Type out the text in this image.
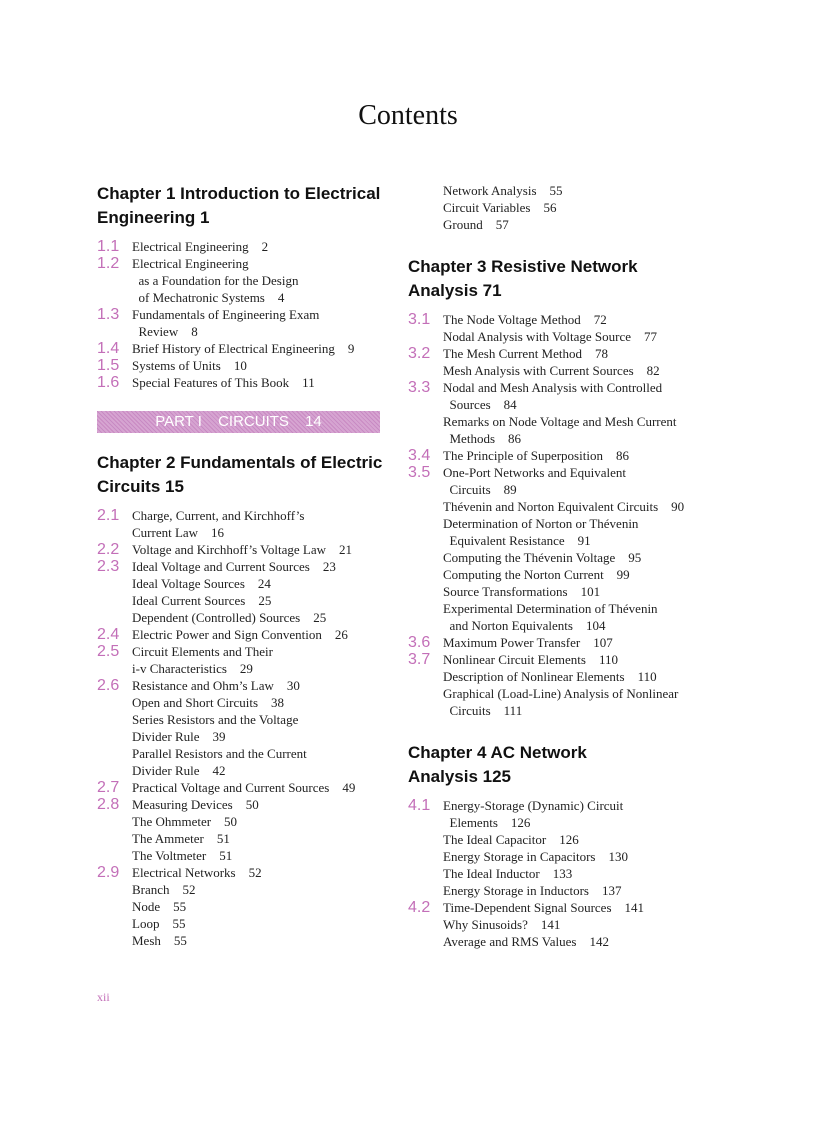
Contents
Chapter 1 Introduction to Electrical
Engineering 1
1.1 Electrical Engineering    2
1.2 Electrical Engineering
as a Foundation for the Design
of Mechatronic Systems    4
1.3 Fundamentals of Engineering Exam
Review    8
1.4 Brief History of Electrical Engineering    9
1.5 Systems of Units    10
1.6 Special Features of This Book    11
PART I CIRCUITS 14
Chapter 2 Fundamentals of Electric
Circuits 15
2.1 Charge, Current, and Kirchhoff’s
Current Law    16
2.2 Voltage and Kirchhoff’s Voltage Law    21
2.3 Ideal Voltage and Current Sources    23
Ideal Voltage Sources    24
Ideal Current Sources    25
Dependent (Controlled) Sources    25
2.4 Electric Power and Sign Convention    26
2.5 Circuit Elements and Their
i-v Characteristics    29
2.6 Resistance and Ohm’s Law    30
Open and Short Circuits    38
Series Resistors and the Voltage
Divider Rule    39
Parallel Resistors and the Current
Divider Rule    42
2.7 Practical Voltage and Current Sources    49
2.8 Measuring Devices    50
The Ohmmeter    50
The Ammeter    51
The Voltmeter    51
2.9 Electrical Networks    52
Branch    52
Node    55
Loop    55
Mesh    55
Network Analysis    55
Circuit Variables    56
Ground    57
Chapter 3 Resistive Network
Analysis 71
3.1 The Node Voltage Method    72
Nodal Analysis with Voltage Source    77
3.2 The Mesh Current Method    78
Mesh Analysis with Current Sources    82
3.3 Nodal and Mesh Analysis with Controlled
Sources    84
Remarks on Node Voltage and Mesh Current
Methods    86
3.4 The Principle of Superposition    86
3.5 One-Port Networks and Equivalent
Circuits    89
Thévenin and Norton Equivalent Circuits    90
Determination of Norton or Thévenin
Equivalent Resistance    91
Computing the Thévenin Voltage    95
Computing the Norton Current    99
Source Transformations    101
Experimental Determination of Thévenin
and Norton Equivalents    104
3.6 Maximum Power Transfer    107
3.7 Nonlinear Circuit Elements    110
Description of Nonlinear Elements    110
Graphical (Load-Line) Analysis of Nonlinear
Circuits    111
Chapter 4 AC Network
Analysis 125
4.1 Energy-Storage (Dynamic) Circuit
Elements    126
The Ideal Capacitor    126
Energy Storage in Capacitors    130
The Ideal Inductor    133
Energy Storage in Inductors    137
4.2 Time-Dependent Signal Sources    141
Why Sinusoids?    141
Average and RMS Values    142
xii
